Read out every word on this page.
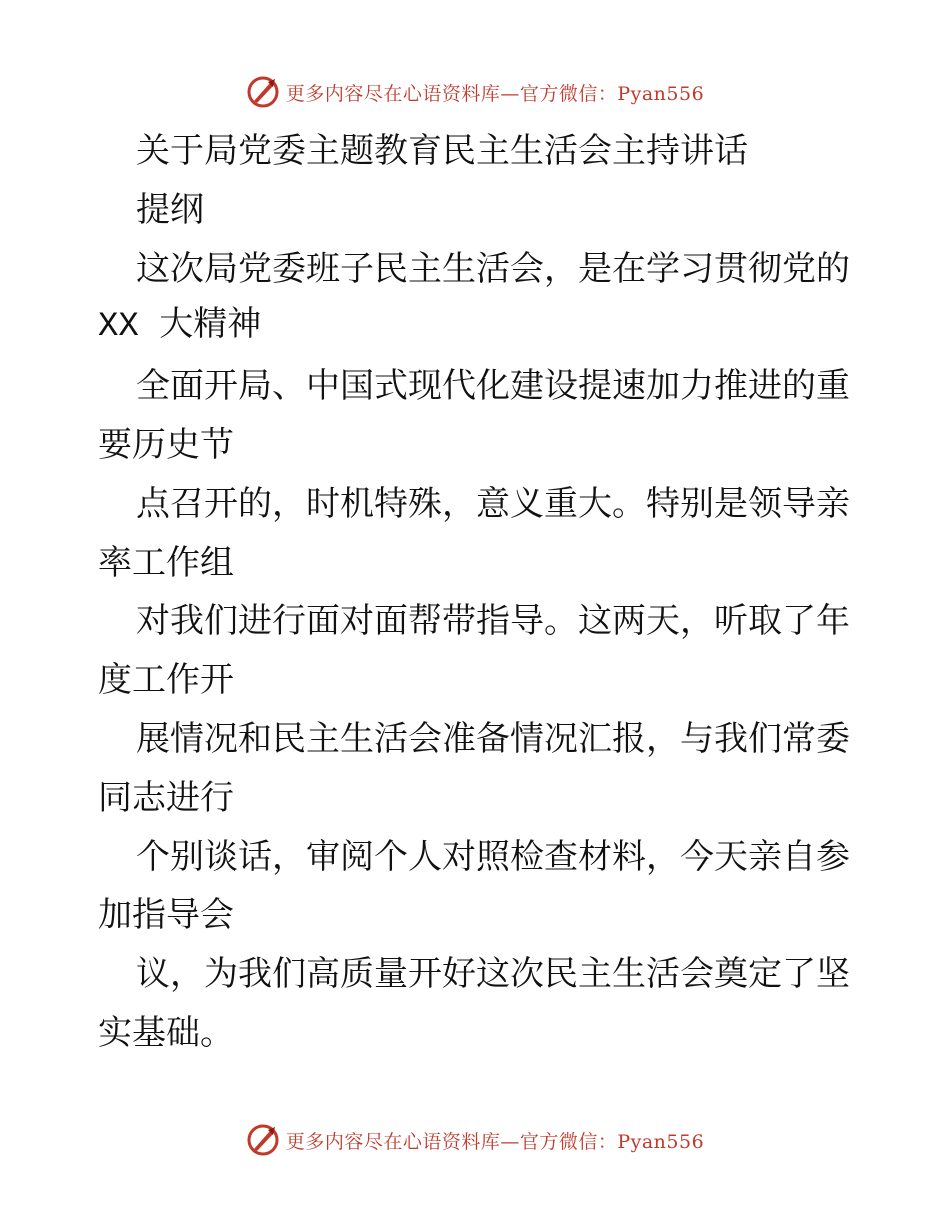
更多内容尽在心语资料库—官方微信：Pyan556
关于局党委主题教育民主生活会主持讲话
提纲
这次局党委班子民主生活会，是在学习贯彻党的
XX 大精神
全面开局、中国式现代化建设提速加力推进的重
要历史节
点召开的，时机特殊，意义重大。特别是领导亲
率工作组
对我们进行面对面帮带指导。这两天，听取了年
度工作开
展情况和民主生活会准备情况汇报，与我们常委
同志进行
个别谈话，审阅个人对照检查材料，今天亲自参
加指导会
议，为我们高质量开好这次民主生活会奠定了坚
实基础。
更多内容尽在心语资料库—官方微信：Pyan556
